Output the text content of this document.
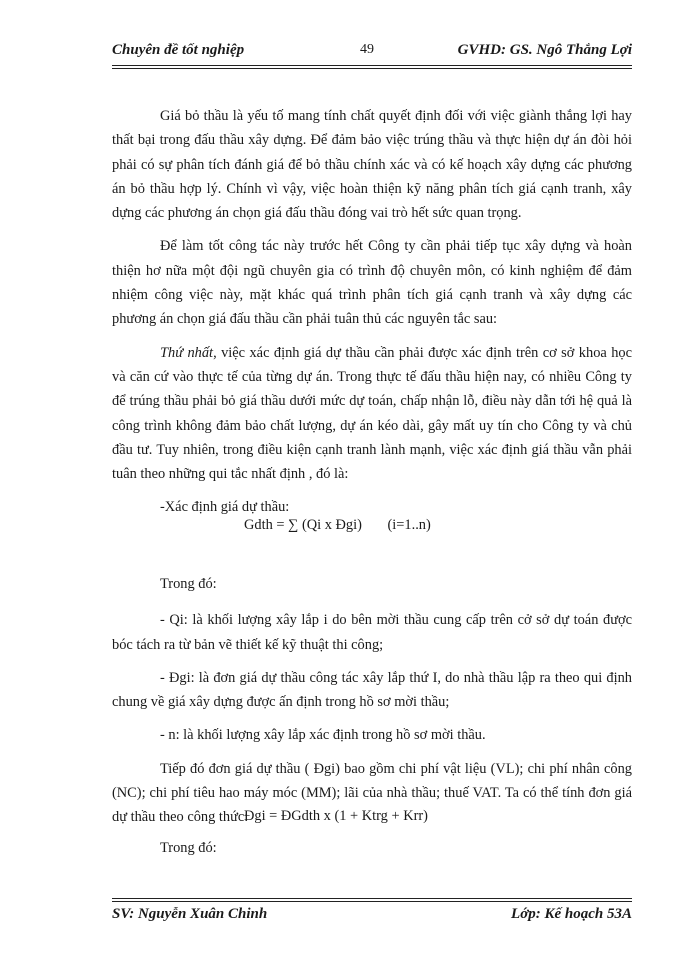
Chuyên đề tốt nghiệp	49	GVHD: GS. Ngô Thắng Lợi

Giá bỏ thầu là yếu tố mang tính chất quyết định đối với việc giành thắng lợi hay thất bại trong đấu thầu xây dựng. Để đảm bảo việc trúng thầu và thực hiện dự án đòi hỏi phải có sự phân tích đánh giá để bỏ thầu chính xác và có kế hoạch xây dựng các phương án bỏ thầu hợp lý. Chính vì vậy, việc hoàn thiện kỹ năng phân tích giá cạnh tranh, xây dựng các phương án chọn giá đấu thầu đóng vai trò hết sức quan trọng.

Để làm tốt công tác này trước hết Công ty cần phải tiếp tục xây dựng và hoàn thiện hơ nữa một đội ngũ chuyên gia có trình độ chuyên môn, có kinh nghiệm để đảm nhiệm công việc này, mặt khác quá trình phân tích giá cạnh tranh và xây dựng các phương án chọn giá đấu thầu cần phải tuân thủ các nguyên tắc sau:

Thứ nhất, việc xác định giá dự thầu cần phải được xác định trên cơ sở khoa học và căn cứ vào thực tế của từng dự án. Trong thực tế đấu thầu hiện nay, có nhiều Công ty để trúng thầu phải bỏ giá thầu dưới mức dự toán, chấp nhận lỗ, điều này dẫn tới hệ quả là công trình không đảm bảo chất lượng, dự án kéo dài, gây mất uy tín cho Công ty và chủ đầu tư. Tuy nhiên, trong điều kiện cạnh tranh lành mạnh, việc xác định giá thầu vẫn phải tuân theo những qui tắc nhất định , đó là:

-Xác định giá dự thầu:

Gdth = ∑ (Qi x Đgi) (i=1..n)

Trong đó:

- Qi: là khối lượng xây lắp i do bên mời thầu cung cấp trên cở sở dự toán được bóc tách ra từ bản vẽ thiết kế kỹ thuật thi công;

- Đgi: là đơn giá dự thầu công tác xây lắp thứ I, do nhà thầu lập ra theo qui định chung về giá xây dựng được ấn định trong hồ sơ mời thầu;

- n: là khối lượng xây lắp xác định trong hồ sơ mời thầu.

Tiếp đó đơn giá dự thầu ( Đgi) bao gồm chi phí vật liệu (VL); chi phí nhân công (NC); chi phí tiêu hao máy móc (MM); lãi của nhà thầu; thuế VAT. Ta có thể tính đơn giá dự thầu theo công thức:

Đgi = ĐGdth x (1 + Ktrg + Krr)

Trong đó:

SV: Nguyễn Xuân Chinh	Lớp: Kế hoạch 53A
